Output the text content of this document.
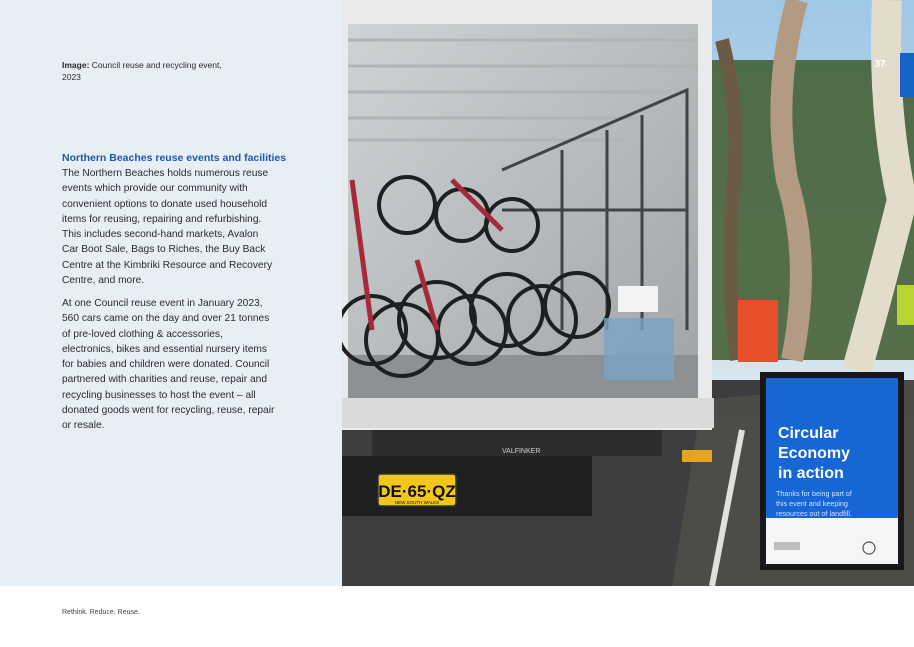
Image: Council reuse and recycling event, 2023
Northern Beaches reuse events and facilities

The Northern Beaches holds numerous reuse events which provide our community with convenient options to donate used household items for reusing, repairing and refurbishing. This includes second-hand markets, Avalon Car Boot Sale, Bags to Riches, the Buy Back Centre at the Kimbriki Resource and Recovery Centre, and more.

At one Council reuse event in January 2023, 560 cars came on the day and over 21 tonnes of pre-loved clothing & accessories, electronics, bikes and essential nursery items for babies and children were donated. Council partnered with charities and reuse, repair and recycling businesses to host the event – all donated goods went for recycling, reuse, repair or resale.

VALFINKER
DE·65·QZ
NEW SOUTH WALES
Circular
Economy
in action
Thanks for being part of
this event and keeping
resources out of landfill.
37
Rethink. Reduce. Reuse.
